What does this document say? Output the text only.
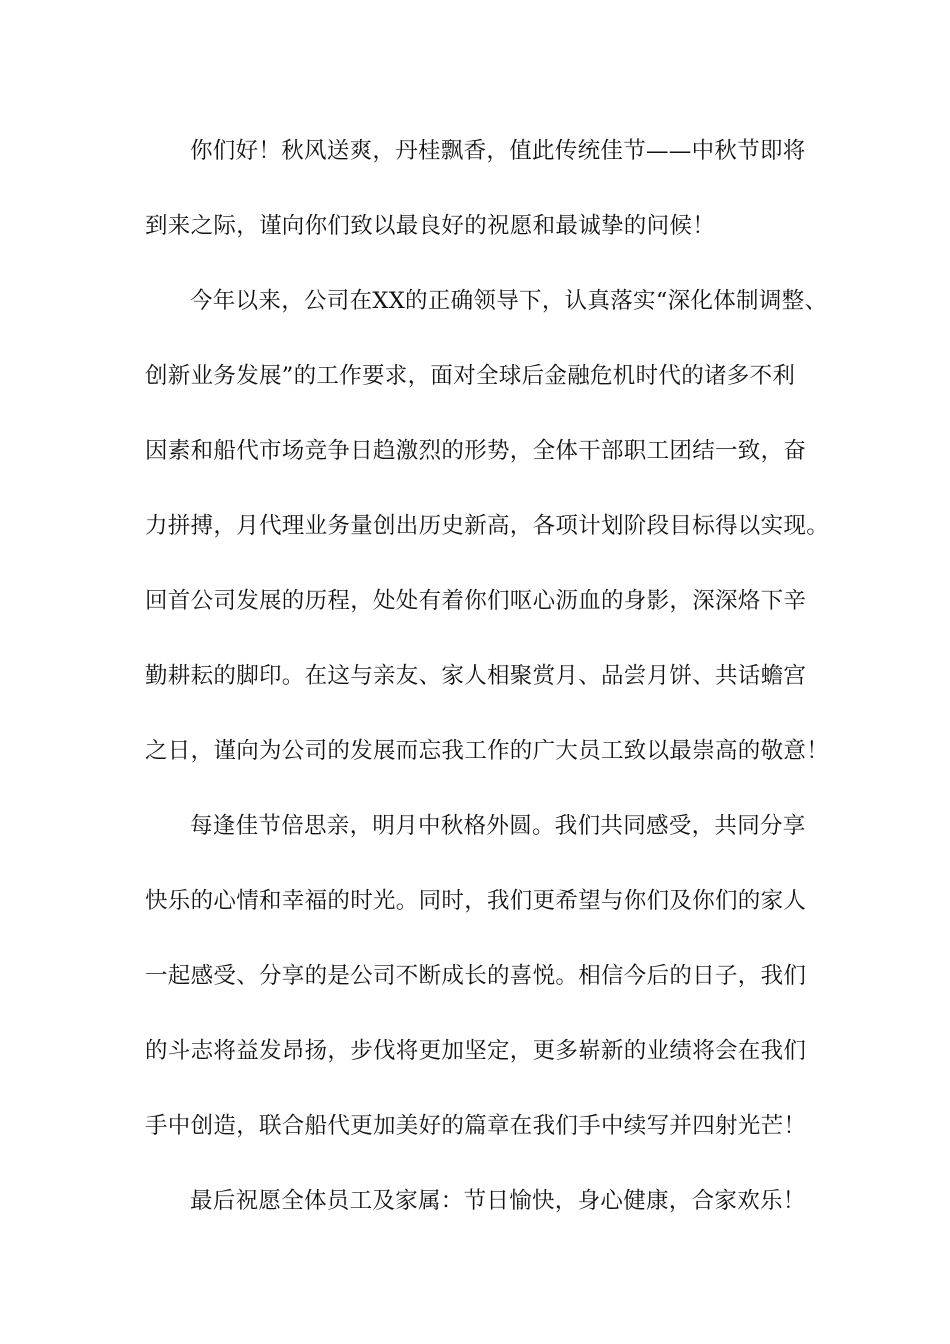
你们好！秋风送爽，丹桂飘香，值此传统佳节——中秋节即将
到来之际，谨向你们致以最良好的祝愿和最诚挚的问候！
今年以来，公司在XX的正确领导下，认真落实“深化体制调整、
创新业务发展”的工作要求，面对全球后金融危机时代的诸多不利
因素和船代市场竞争日趋激烈的形势，全体干部职工团结一致，奋
力拼搏，月代理业务量创出历史新高，各项计划阶段目标得以实现。
回首公司发展的历程，处处有着你们呕心沥血的身影，深深烙下辛
勤耕耘的脚印。在这与亲友、家人相聚赏月、品尝月饼、共话蟾宫
之日，谨向为公司的发展而忘我工作的广大员工致以最崇高的敬意！
每逢佳节倍思亲，明月中秋格外圆。我们共同感受，共同分享
快乐的心情和幸福的时光。同时，我们更希望与你们及你们的家人
一起感受、分享的是公司不断成长的喜悦。相信今后的日子，我们
的斗志将益发昂扬，步伐将更加坚定，更多崭新的业绩将会在我们
手中创造，联合船代更加美好的篇章在我们手中续写并四射光芒！
最后祝愿全体员工及家属：节日愉快，身心健康，合家欢乐！
